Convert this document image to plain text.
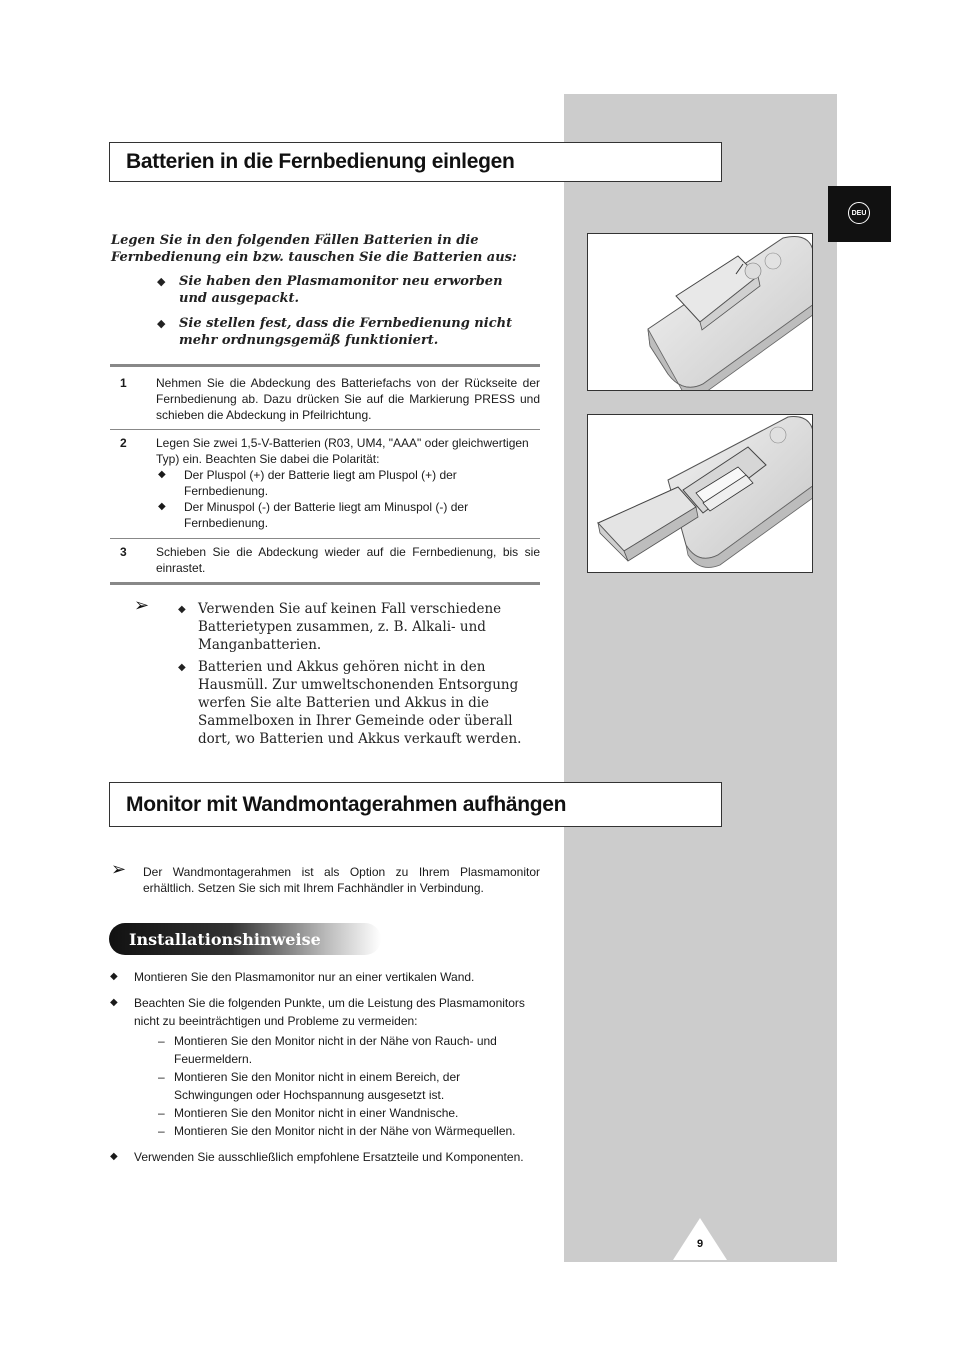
DEU
Batterien in die Fernbedienung einlegen
Legen Sie in den folgenden Fällen Batterien in die Fernbedienung ein bzw. tauschen Sie die Batterien aus:
◆ Sie haben den Plasmamonitor neu erworben und ausgepackt.
◆ Sie stellen fest, dass die Fernbedienung nicht mehr ordnungsgemäß funktioniert.
1 Nehmen Sie die Abdeckung des Batteriefachs von der Rückseite der Fernbedienung ab. Dazu drücken Sie auf die Markierung PRESS und schieben die Abdeckung in Pfeilrichtung.
2 Legen Sie zwei 1,5-V-Batterien (R03, UM4, "AAA" oder gleichwertigen Typ) ein. Beachten Sie dabei die Polarität:
◆ Der Pluspol (+) der Batterie liegt am Pluspol (+) der Fernbedienung.
◆ Der Minuspol (-) der Batterie liegt am Minuspol (-) der Fernbedienung.
3 Schieben Sie die Abdeckung wieder auf die Fernbedienung, bis sie einrastet.
➢	◆ Verwenden Sie auf keinen Fall verschiedene Batterietypen zusammen, z. B. Alkali- und Manganbatterien.
◆ Batterien und Akkus gehören nicht in den Hausmüll. Zur umweltschonenden Entsorgung werfen Sie alte Batterien und Akkus in die Sammelboxen in Ihrer Gemeinde oder überall dort, wo Batterien und Akkus verkauft werden.
Monitor mit Wandmontagerahmen aufhängen
➢ Der Wandmontagerahmen ist als Option zu Ihrem Plasmamonitor erhältlich. Setzen Sie sich mit Ihrem Fachhändler in Verbindung.
Installationshinweise
◆ Montieren Sie den Plasmamonitor nur an einer vertikalen Wand.
◆ Beachten Sie die folgenden Punkte, um die Leistung des Plasmamonitors nicht zu beeinträchtigen und Probleme zu vermeiden:
– Montieren Sie den Monitor nicht in der Nähe von Rauch- und Feuermeldern.
– Montieren Sie den Monitor nicht in einem Bereich, der Schwingungen oder Hochspannung ausgesetzt ist.
– Montieren Sie den Monitor nicht in einer Wandnische.
– Montieren Sie den Monitor nicht in der Nähe von Wärmequellen.
◆ Verwenden Sie ausschließlich empfohlene Ersatzteile und Komponenten.
9
